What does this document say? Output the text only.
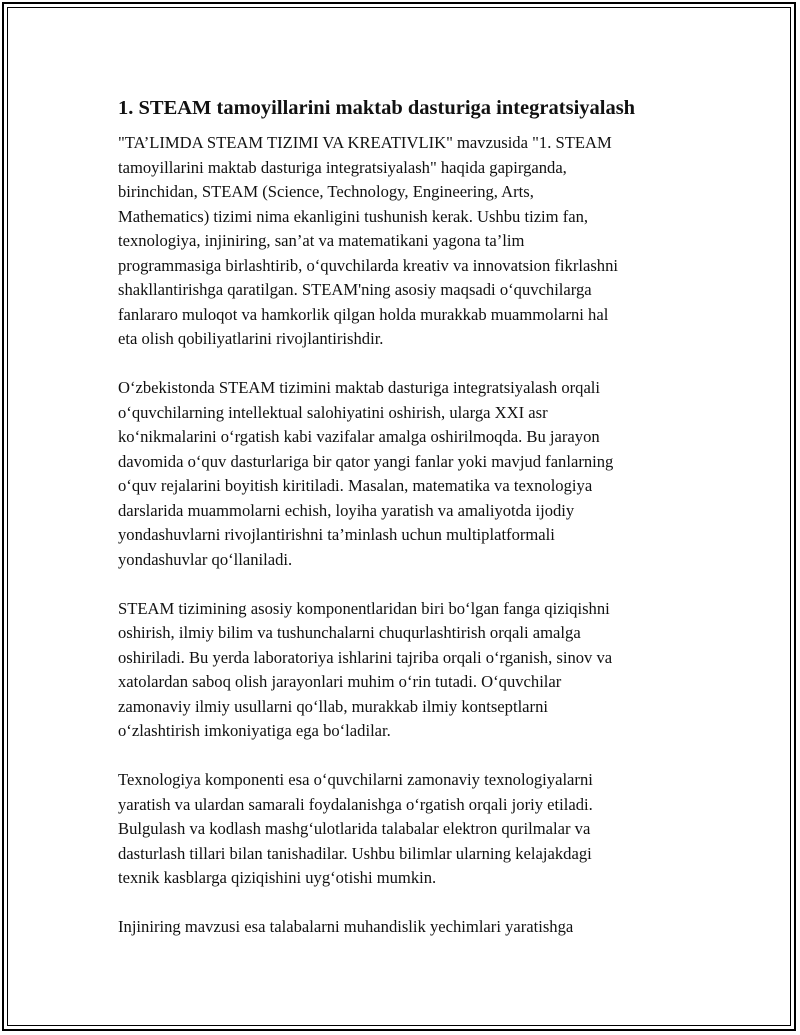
1. STEAM tamoyillarini maktab dasturiga integratsiyalash

"TA’LIMDA STEAM TIZIMI VA KREATIVLIK" mavzusida "1. STEAM
tamoyillarini maktab dasturiga integratsiyalash" haqida gapirganda,
birinchidan, STEAM (Science, Technology, Engineering, Arts,
Mathematics) tizimi nima ekanligini tushunish kerak. Ushbu tizim fan,
texnologiya, injiniring, san’at va matematikani yagona ta’lim
programmasiga birlashtirib, o‘quvchilarda kreativ va innovatsion fikrlashni
shakllantirishga qaratilgan. STEAM'ning asosiy maqsadi o‘quvchilarga
fanlararo muloqot va hamkorlik qilgan holda murakkab muammolarni hal
eta olish qobiliyatlarini rivojlantirishdir.

O‘zbekistonda STEAM tizimini maktab dasturiga integratsiyalash orqali
o‘quvchilarning intellektual salohiyatini oshirish, ularga XXI asr
ko‘nikmalarini o‘rgatish kabi vazifalar amalga oshirilmoqda. Bu jarayon
davomida o‘quv dasturlariga bir qator yangi fanlar yoki mavjud fanlarning
o‘quv rejalarini boyitish kiritiladi. Masalan, matematika va texnologiya
darslarida muammolarni echish, loyiha yaratish va amaliyotda ijodiy
yondashuvlarni rivojlantirishni ta’minlash uchun multiplatformali
yondashuvlar qo‘llaniladi.

STEAM tizimining asosiy komponentlaridan biri bo‘lgan fanga qiziqishni
oshirish, ilmiy bilim va tushunchalarni chuqurlashtirish orqali amalga
oshiriladi. Bu yerda laboratoriya ishlarini tajriba orqali o‘rganish, sinov va
xatolardan saboq olish jarayonlari muhim o‘rin tutadi. O‘quvchilar
zamonaviy ilmiy usullarni qo‘llab, murakkab ilmiy kontseptlarni
o‘zlashtirish imkoniyatiga ega bo‘ladilar.

Texnologiya komponenti esa o‘quvchilarni zamonaviy texnologiyalarni
yaratish va ulardan samarali foydalanishga o‘rgatish orqali joriy etiladi.
Bulgulash va kodlash mashg‘ulotlarida talabalar elektron qurilmalar va
dasturlash tillari bilan tanishadilar. Ushbu bilimlar ularning kelajakdagi
texnik kasblarga qiziqishini uyg‘otishi mumkin.

Injiniring mavzusi esa talabalarni muhandislik yechimlari yaratishga
